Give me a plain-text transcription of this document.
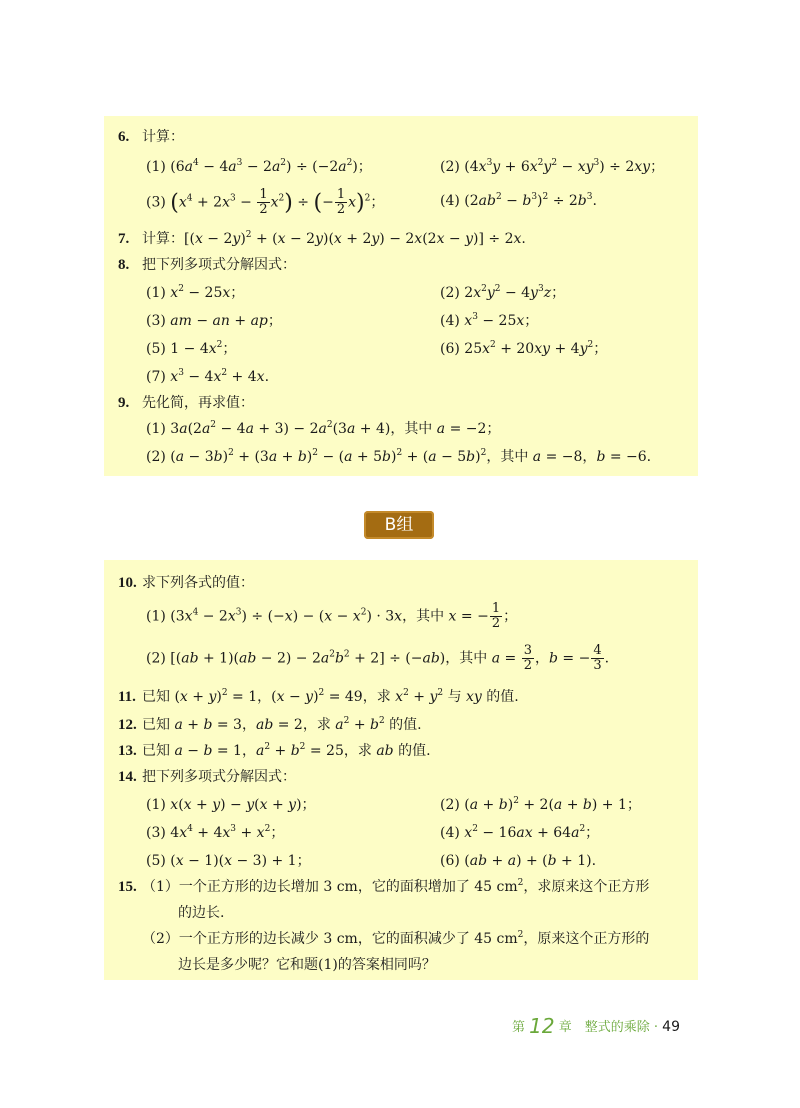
6. 计算：
(1) $(6a^4 - 4a^3 - 2a^2) \div (-2a^2)$；	(2) $(4x^3y + 6x^2y^2 - xy^3) \div 2xy$；
(3) $(x^4 + 2x^3 - \frac{1}{2} x^2)$ ÷ (− $\frac{1}{2} x)^2$；	(4) $(2ab^2 - b^3)^2 \div 2b^3$.
7. 计算：$[(x - 2y)^2 + (x - 2y)(x + 2y) - 2x(2x - y)] \div 2x$.
8. 把下列多项式分解因式：
(1) $x^2 - 25x$；	(2) $2x^2y^2 - 4y^3z$；
(3) am − an + ap；	(4) $x^3 - 25x$；
(5) $1 - 4x^2$；	(6) $25x^2 + 20xy + 4y^2$；
(7) $x^3 - 4x^2 + 4x$.
9. 先化简，再求值：
(1) $3a(2a^2 - 4a + 3) - 2a^2(3a + 4)$，其中 a = −2；
(2) $(a - 3b)^2 + (3a + b)^2 - (a + 5b)^2 + (a - 5b)^2$，其中 a = −8，b = −6.
B组
10. 求下列各式的值：
(1) $(3x^4 - 2x^3) \div (-x) - (x - x^2) \cdot 3x$，其中 x = − $\frac{1}{2}$ ；
(2) $[(ab + 1)(ab - 2) - 2a^2b^2 + 2] \div (-ab)$，其中 $a = \frac{3}{2}$ ，b = − $\frac{4}{3}$ .
11. 已知 $(x + y)^2 = 1$，$(x - y)^2 = 49$，求 $x^2 + y^2$ 与 xy 的值.
12. 已知 a + b = 3，ab = 2，求 $a^2 + b^2$ 的值.
13. 已知 a − b = 1，$a^2 + b^2 = 25$，求 ab 的值.
14. 把下列多项式分解因式：
(1) x(x + y) − y(x + y)；	(2) $(a + b)^2 + 2(a + b) + 1$；
(3) $4x^4 + 4x^3 + x^2$；	(4) $x^2 - 16ax + 64a^2$；
(5) (x − 1)(x − 3) + 1；	(6) (ab + a) + (b + 1).
15. （1）一个正方形的边长增加 3 cm，它的面积增加了 45 $cm^2$，求原来这个正方形
的边长.
（2）一个正方形的边长减少 3 cm，它的面积减少了 45 $cm^2$，原来这个正方形的
边长是多少呢？它和题(1)的答案相同吗？
第 12 章　整式的乘除 · 49
